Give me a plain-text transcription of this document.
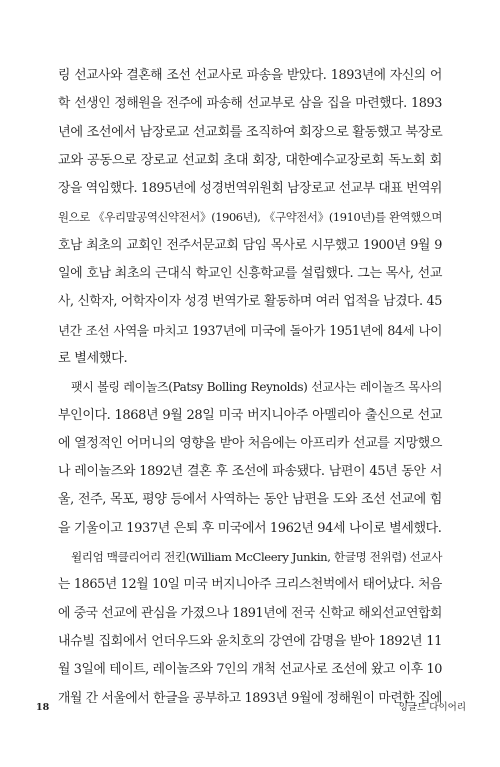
링 선교사와 결혼해 조선 선교사로 파송을 받았다. 1893년에 자신의 어
학 선생인 정해원을 전주에 파송해 선교부로 삼을 집을 마련했다. 1893
년에 조선에서 남장로교 선교회를 조직하여 회장으로 활동했고 북장로
교와 공동으로 장로교 선교회 초대 회장, 대한예수교장로회 독노회 회
장을 역임했다. 1895년에 성경번역위원회 남장로교 선교부 대표 번역위
원으로 《우리말공역신약전서》(1906년), 《구약전서》(1910년)를 완역했으며
호남 최초의 교회인 전주서문교회 담임 목사로 시무했고 1900년 9월 9
일에 호남 최초의 근대식 학교인 신흥학교를 설립했다. 그는 목사, 선교
사, 신학자, 어학자이자 성경 번역가로 활동하며 여러 업적을 남겼다. 45
년간 조선 사역을 마치고 1937년에 미국에 돌아가 1951년에 84세 나이
로 별세했다.
팻시 볼링 레이놀즈(Patsy Bolling Reynolds) 선교사는 레이놀즈 목사의
부인이다. 1868년 9월 28일 미국 버지니아주 아멜리아 출신으로 선교
에 열정적인 어머니의 영향을 받아 처음에는 아프리카 선교를 지망했으
나 레이놀즈와 1892년 결혼 후 조선에 파송됐다. 남편이 45년 동안 서
울, 전주, 목포, 평양 등에서 사역하는 동안 남편을 도와 조선 선교에 힘
을 기울이고 1937년 은퇴 후 미국에서 1962년 94세 나이로 별세했다.
윌리엄 맥클리어리 전킨(William McCleery Junkin, 한글명 전위렴) 선교사
는 1865년 12월 10일 미국 버지니아주 크리스천벅에서 태어났다. 처음
에 중국 선교에 관심을 가졌으나 1891년에 전국 신학교 해외선교연합회
내슈빌 집회에서 언더우드와 윤치호의 강연에 감명을 받아 1892년 11
월 3일에 테이트, 레이놀즈와 7인의 개척 선교사로 조선에 왔고 이후 10
개월 간 서울에서 한글을 공부하고 1893년 9월에 정해원이 마련한 집에
18	잉글드 다이어리
